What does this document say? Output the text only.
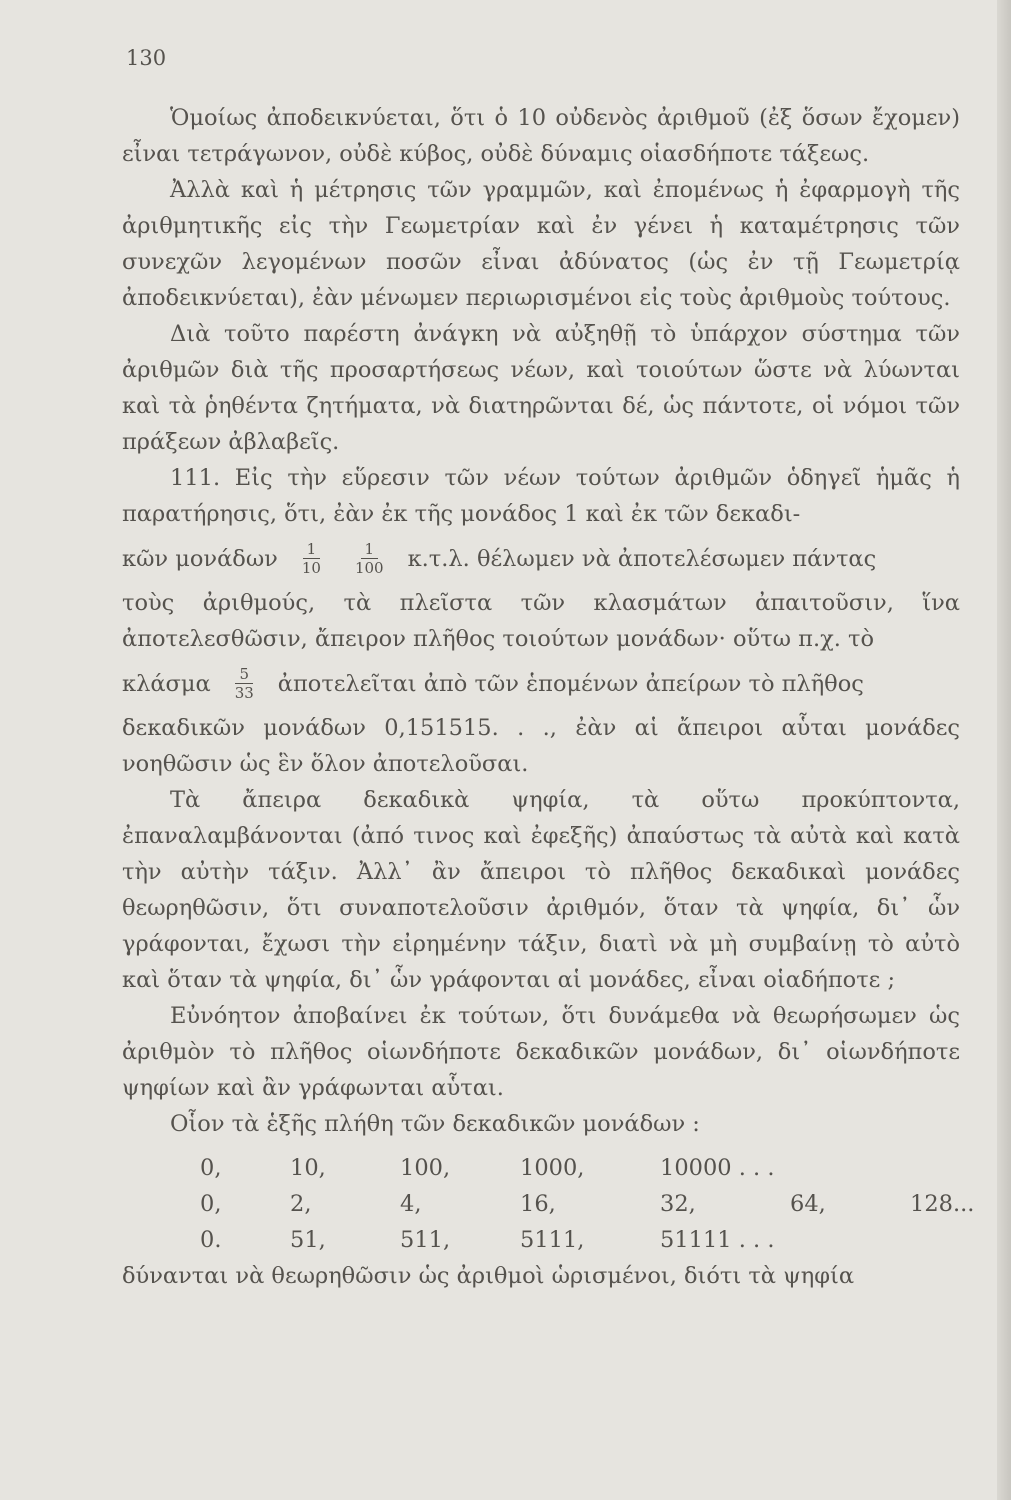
130

Ὁμοίως ἀποδεικνύεται, ὅτι ὁ 10 οὐδενὸς ἀριθμοῦ (ἐξ ὅσων ἔχομεν) εἶναι τετράγωνον, οὐδὲ κύβος, οὐδὲ δύναμις οἱασδήποτε τάξεως.

Ἀλλὰ καὶ ἡ μέτρησις τῶν γραμμῶν, καὶ ἐπομένως ἡ ἐφαρμογὴ τῆς ἀριθμητικῆς εἰς τὴν Γεωμετρίαν καὶ ἐν γένει ἡ καταμέτρησις τῶν συνεχῶν λεγομένων ποσῶν εἶναι ἀδύνατος (ὡς ἐν τῇ Γεωμετρίᾳ ἀποδεικνύεται), ἐὰν μένωμεν περιωρισμένοι εἰς τοὺς ἀριθμοὺς τούτους.

Διὰ τοῦτο παρέστη ἀνάγκη νὰ αὐξηθῇ τὸ ὑπάρχον σύστημα τῶν ἀριθμῶν διὰ τῆς προσαρτήσεως νέων, καὶ τοιούτων ὥστε νὰ λύωνται καὶ τὰ ῥηθέντα ζητήματα, νὰ διατηρῶνται δέ, ὡς πάντοτε, οἱ νόμοι τῶν πράξεων ἀβλαβεῖς.

111. Εἰς τὴν εὕρεσιν τῶν νέων τούτων ἀριθμῶν ὁδηγεῖ ἡμᾶς ἡ παρατήρησις, ὅτι, ἐὰν ἐκ τῆς μονάδος 1 καὶ ἐκ τῶν δεκαδι-

κῶν μονάδων $\frac{1}{10} \frac{1}{100} \kappa.\tau.\lambda$. θέλωμεν νὰ ἀποτελέσωμεν πάντας

τοὺς ἀριθμούς, τὰ πλεῖστα τῶν κλασμάτων ἀπαιτοῦσιν, ἵνα ἀποτελεσθῶσιν, ἄπειρον πλῆθος τοιούτων μονάδων· οὕτω π.χ. τὸ

κλάσμα $\frac{5}{33}$ ἀποτελεῖται ἀπὸ τῶν ἑπομένων ἀπείρων τὸ πλῆθος

δεκαδικῶν μονάδων 0,151515. . ., ἐὰν αἱ ἄπειροι αὗται μονάδες νοηθῶσιν ὡς ἓν ὅλον ἀποτελοῦσαι.

Τὰ ἄπειρα δεκαδικὰ ψηφία, τὰ οὕτω προκύπτοντα, ἐπαναλαμβάνονται (ἀπό τινος καὶ ἐφεξῆς) ἀπαύστως τὰ αὐτὰ καὶ κατὰ τὴν αὐτὴν τάξιν. Ἀλλ᾽ ἂν ἄπειροι τὸ πλῆθος δεκαδικαὶ μονάδες θεωρηθῶσιν, ὅτι συναποτελοῦσιν ἀριθμόν, ὅταν τὰ ψηφία, δι᾽ ὧν γράφονται, ἔχωσι τὴν εἰρημένην τάξιν, διατὶ νὰ μὴ συμβαίνῃ τὸ αὐτὸ καὶ ὅταν τὰ ψηφία, δι᾽ ὧν γράφονται αἱ μονάδες, εἶναι οἱαδήποτε ;

Εὐνόητον ἀποβαίνει ἐκ τούτων, ὅτι δυνάμεθα νὰ θεωρήσωμεν ὡς ἀριθμὸν τὸ πλῆθος οἱωνδήποτε δεκαδικῶν μονάδων, δι᾽ οἱωνδήποτε ψηφίων καὶ ἂν γράφωνται αὗται.

Οἷον τὰ ἑξῆς πλήθη τῶν δεκαδικῶν μονάδων :

0,	10,	100,	1000,	10000 . . .
0,	2,	4,	16,	32,	64,	128...
0.	51,	511,	5111,	51111 . . .

δύνανται νὰ θεωρηθῶσιν ὡς ἀριθμοὶ ὡρισμένοι, διότι τὰ ψηφία
